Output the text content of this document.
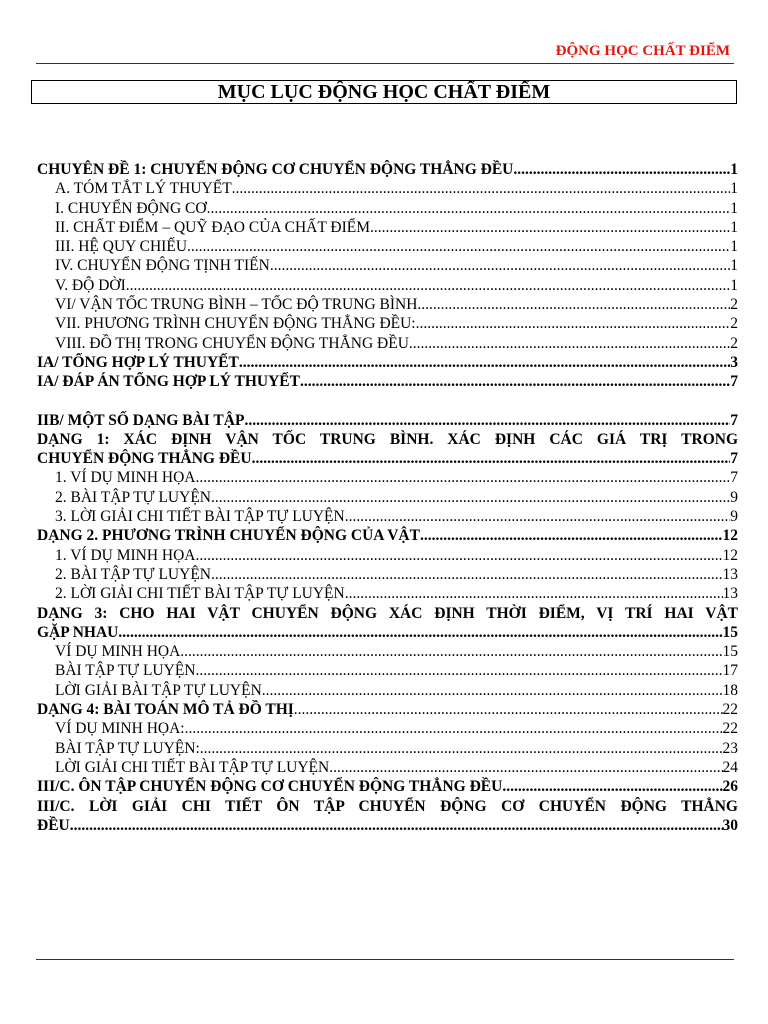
ĐỘNG HỌC CHẤT ĐIỂM
MỤC LỤC ĐỘNG HỌC CHẤT ĐIỂM
CHUYÊN ĐỀ 1: CHUYỂN ĐỘNG CƠ CHUYỂN ĐỘNG THẲNG ĐỀU .....	1
A. TÓM TẮT LÝ THUYẾT .....	1
I. CHUYỂN ĐỘNG CƠ .....	1
II. CHẤT ĐIỂM – QUỸ ĐẠO CỦA CHẤT ĐIỂM .....	1
III. HỆ QUY CHIẾU .....	1
IV. CHUYỂN ĐỘNG TỊNH TIẾN .....	1
V. ĐỘ DỜI .....	1
VI/ VẬN TỐC TRUNG BÌNH – TỐC ĐỘ TRUNG BÌNH .....	2
VII. PHƯƠNG TRÌNH CHUYỂN ĐỘNG THẲNG ĐỀU: .....	2
VIII. ĐỒ THỊ TRONG CHUYỂN ĐỘNG THẲNG ĐỀU .....	2
IA/ TỔNG HỢP LÝ THUYẾT .....	3
IA/ ĐÁP ÁN TỔNG HỢP LÝ THUYẾT .....	7
IIB/ MỘT SỐ DẠNG BÀI TẬP .....	7
DẠNG 1: XÁC ĐỊNH VẬN TỐC TRUNG BÌNH. XÁC ĐỊNH CÁC GIÁ TRỊ TRONG
CHUYỂN ĐỘNG THẲNG ĐỀU .....	7
1. VÍ DỤ MINH HỌA .....	7
2. BÀI TẬP TỰ LUYỆN .....	9
3. LỜI GIẢI CHI TIẾT BÀI TẬP TỰ LUYỆN .....	9
DẠNG 2. PHƯƠNG TRÌNH CHUYỂN ĐỘNG CỦA VẬT .....	12
1. VÍ DỤ MINH HỌA .....	12
2. BÀI TẬP TỰ LUYỆN .....	13
2. LỜI GIẢI CHI TIẾT BÀI TẬP TỰ LUYỆN .....	13
DẠNG 3: CHO HAI VẬT CHUYỂN ĐỘNG XÁC ĐỊNH THỜI ĐIỂM, VỊ TRÍ HAI VẬT
GẶP NHAU .....	15
VÍ DỤ MINH HỌA .....	15
BÀI TẬP TỰ LUYỆN .....	17
LỜI GIẢI BÀI TẬP TỰ LUYỆN .....	18
DẠNG 4: BÀI TOÁN MÔ TẢ ĐỒ THỊ .....	22
VÍ DỤ MINH HỌA: .....	22
BÀI TẬP TỰ LUYỆN: .....	23
LỜI GIẢI CHI TIẾT BÀI TẬP TỰ LUYỆN .....	24
III/C. ÔN TẬP CHUYỂN ĐỘNG CƠ CHUYỂN ĐỘNG THẲNG ĐỀU .....	26
III/C. LỜI GIẢI CHI TIẾT ÔN TẬP CHUYỂN ĐỘNG CƠ CHUYỂN ĐỘNG THẲNG
ĐỀU .....	30
